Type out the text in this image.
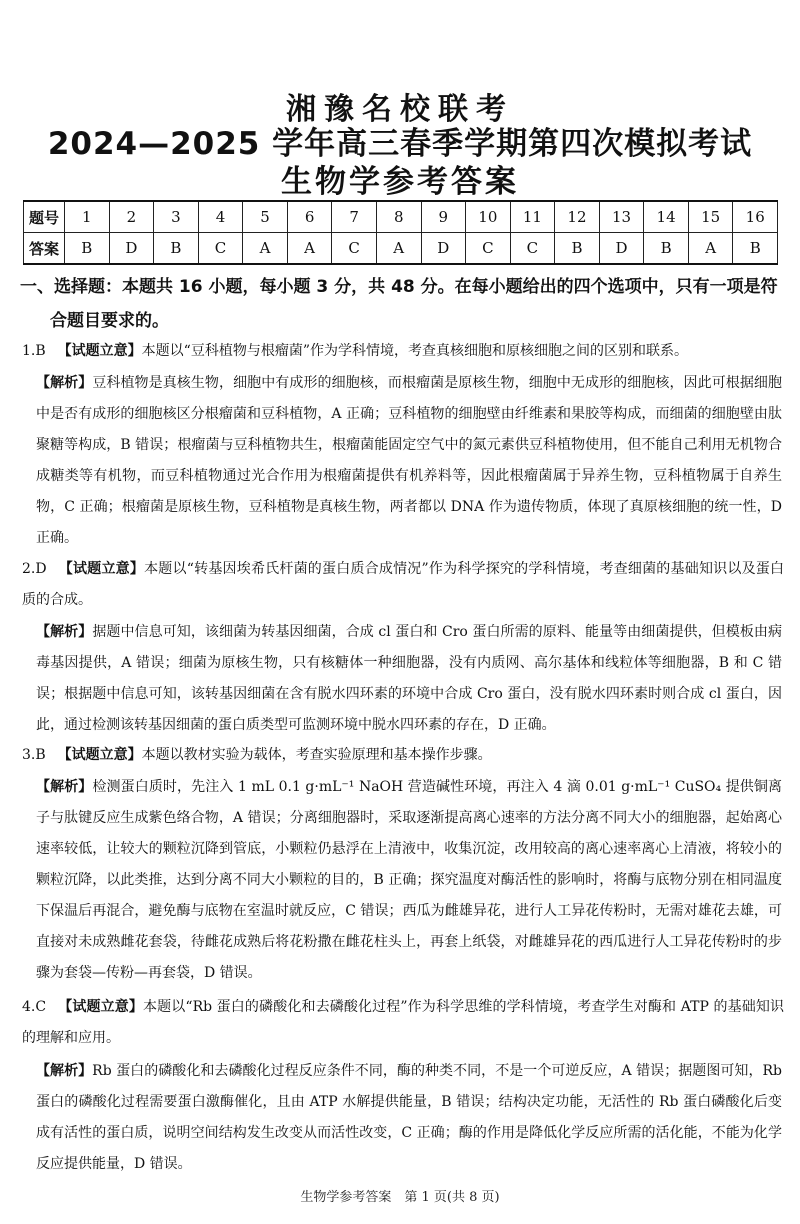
湘豫名校联考
2024—2025 学年高三春季学期第四次模拟考试
生物学参考答案
题号	1	2	3	4	5	6	7	8	9	10	11	12	13	14	15	16
答案	B	D	B	C	A	A	C	A	D	C	C	B	D	B	A	B
一、选择题：本题共 16 小题，每小题 3 分，共 48 分。在每小题给出的四个选项中，只有一项是符
合题目要求的。
1.B 【试题立意】本题以“豆科植物与根瘤菌”作为学科情境，考查真核细胞和原核细胞之间的区别和联系。
【解析】豆科植物是真核生物，细胞中有成形的细胞核，而根瘤菌是原核生物，细胞中无成形的细胞核，因此可根据细胞中是否有成形的细胞核区分根瘤菌和豆科植物，A 正确；豆科植物的细胞壁由纤维素和果胶等构成，而细菌的细胞壁由肽聚糖等构成，B 错误；根瘤菌与豆科植物共生，根瘤菌能固定空气中的氮元素供豆科植物使用，但不能自己利用无机物合成糖类等有机物，而豆科植物通过光合作用为根瘤菌提供有机养料等，因此根瘤菌属于异养生物，豆科植物属于自养生物，C 正确；根瘤菌是原核生物，豆科植物是真核生物，两者都以 DNA 作为遗传物质，体现了真原核细胞的统一性，D 正确。
2.D 【试题立意】本题以“转基因埃希氏杆菌的蛋白质合成情况”作为科学探究的学科情境，考查细菌的基础知识以及蛋白质的合成。
【解析】据题中信息可知，该细菌为转基因细菌，合成 cl 蛋白和 Cro 蛋白所需的原料、能量等由细菌提供，但模板由病毒基因提供，A 错误；细菌为原核生物，只有核糖体一种细胞器，没有内质网、高尔基体和线粒体等细胞器，B 和 C 错误；根据题中信息可知，该转基因细菌在含有脱水四环素的环境中合成 Cro 蛋白，没有脱水四环素时则合成 cl 蛋白，因此，通过检测该转基因细菌的蛋白质类型可监测环境中脱水四环素的存在，D 正确。
3.B 【试题立意】本题以教材实验为载体，考查实验原理和基本操作步骤。
【解析】检测蛋白质时，先注入 1 mL 0.1 g·mL⁻¹ NaOH 营造碱性环境，再注入 4 滴 0.01 g·mL⁻¹ CuSO₄ 提供铜离子与肽键反应生成紫色络合物，A 错误；分离细胞器时，采取逐渐提高离心速率的方法分离不同大小的细胞器，起始离心速率较低，让较大的颗粒沉降到管底，小颗粒仍悬浮在上清液中，收集沉淀，改用较高的离心速率离心上清液，将较小的颗粒沉降，以此类推，达到分离不同大小颗粒的目的，B 正确；探究温度对酶活性的影响时，将酶与底物分别在相同温度下保温后再混合，避免酶与底物在室温时就反应，C 错误；西瓜为雌雄异花，进行人工异花传粉时，无需对雄花去雄，可直接对未成熟雌花套袋，待雌花成熟后将花粉撒在雌花柱头上，再套上纸袋，对雌雄异花的西瓜进行人工异花传粉时的步骤为套袋—传粉—再套袋，D 错误。
4.C 【试题立意】本题以“Rb 蛋白的磷酸化和去磷酸化过程”作为科学思维的学科情境，考查学生对酶和 ATP 的基础知识的理解和应用。
【解析】Rb 蛋白的磷酸化和去磷酸化过程反应条件不同，酶的种类不同，不是一个可逆反应，A 错误；据题图可知，Rb 蛋白的磷酸化过程需要蛋白激酶催化，且由 ATP 水解提供能量，B 错误；结构决定功能，无活性的 Rb 蛋白磷酸化后变成有活性的蛋白质，说明空间结构发生改变从而活性改变，C 正确；酶的作用是降低化学反应所需的活化能，不能为化学反应提供能量，D 错误。
生物学参考答案　第 1 页(共 8 页)
